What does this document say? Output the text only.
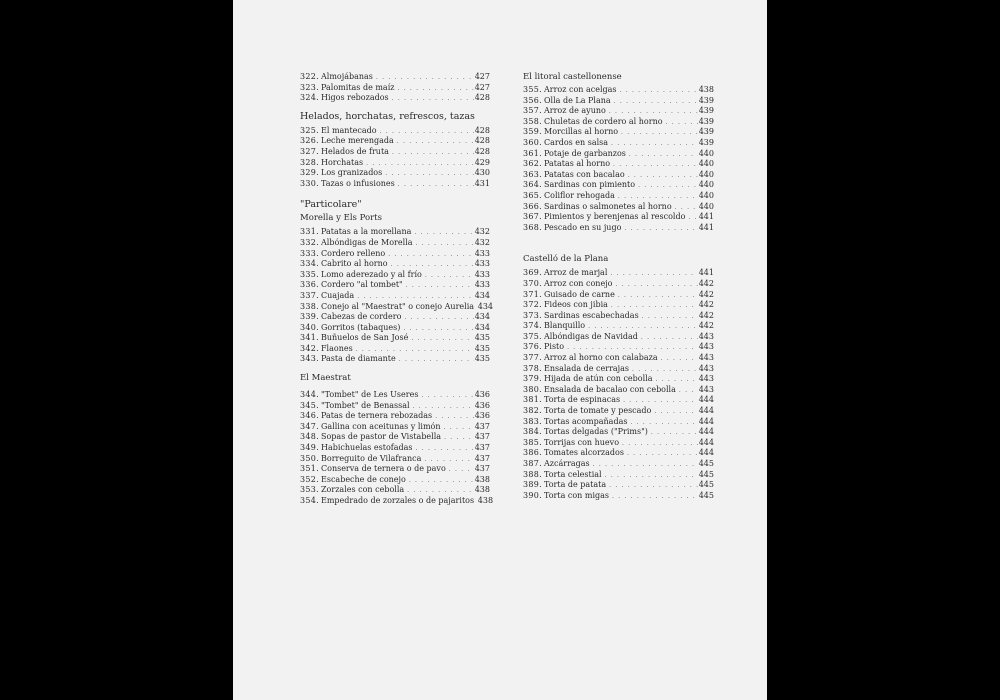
322. Almojábanas . . .	427
323. Palomitas de maíz . . .	427
324. Higos rebozados . . .	428
Helados, horchatas, refrescos, tazas
325. El mantecado . . .	428
326. Leche merengada . . .	428
327. Helados de fruta . . .	428
328. Horchatas . . .	429
329. Los granizados . . .	430
330. Tazas o infusiones . . .	431
"Particolare"
Morella y Els Ports
331. Patatas a la morellana . . .	432
332. Albóndigas de Morella . . .	432
333. Cordero relleno . . .	433
334. Cabrito al horno . . .	433
335. Lomo aderezado y al frío . . .	433
336. Cordero "al tombet" . . .	433
337. Cuajada . . .	434
338. Conejo al "Maestrat" o conejo Aurelia 434
339. Cabezas de cordero . . .	434
340. Gorritos (tabaques) . . .	434
341. Buñuelos de San José . . .	435
342. Flaones . . .	435
343. Pasta de diamante . . .	435
El Maestrat
344. "Tombet" de Les Useres . . .	436
345. "Tombet" de Benassal . . .	436
346. Patas de ternera rebozadas . . .	436
347. Gallina con aceitunas y limón . . .	437
348. Sopas de pastor de Vistabella . . .	437
349. Habichuelas estofadas . . .	437
350. Borreguito de Vilafranca . . .	437
351. Conserva de ternera o de pavo . . .	437
352. Escabeche de conejo . . .	438
353. Zorzales con cebolla . . .	438
354. Empedrado de zorzales o de pajaritos 438
El litoral castellonense
355. Arroz con acelgas . . .	438
356. Olla de La Plana . . .	439
357. Arroz de ayuno . . .	439
358. Chuletas de cordero al horno . . .	439
359. Morcillas al horno . . .	439
360. Cardos en salsa . . .	439
361. Potaje de garbanzos . . .	440
362. Patatas al horno . . .	440
363. Patatas con bacalao . . .	440
364. Sardinas con pimiento . . .	440
365. Coliflor rehogada . . .	440
366. Sardinas o salmonetes al horno . . .	440
367. Pimientos y berenjenas al rescoldo . . .	441
368. Pescado en su jugo . . .	441
Castelló de la Plana
369. Arroz de marjal . . .	441
370. Arroz con conejo . . .	442
371. Guisado de carne . . .	442
372. Fideos con jibia . . .	442
373. Sardinas escabechadas . . .	442
374. Blanquillo . . .	442
375. Albóndigas de Navidad . . .	443
376. Pisto . . .	443
377. Arroz al horno con calabaza . . .	443
378. Ensalada de cerrajas . . .	443
379. Hijada de atún con cebolla . . .	443
380. Ensalada de bacalao con cebolla . . .	443
381. Torta de espinacas . . .	444
382. Torta de tomate y pescado . . .	444
383. Tortas acompañadas . . .	444
384. Tortas delgadas ("Prims") . . .	444
385. Torrijas con huevo . . .	444
386. Tomates alcorzados . . .	444
387. Azcárragas . . .	445
388. Torta celestial . . .	445
389. Torta de patata . . .	445
390. Torta con migas . . .	445
